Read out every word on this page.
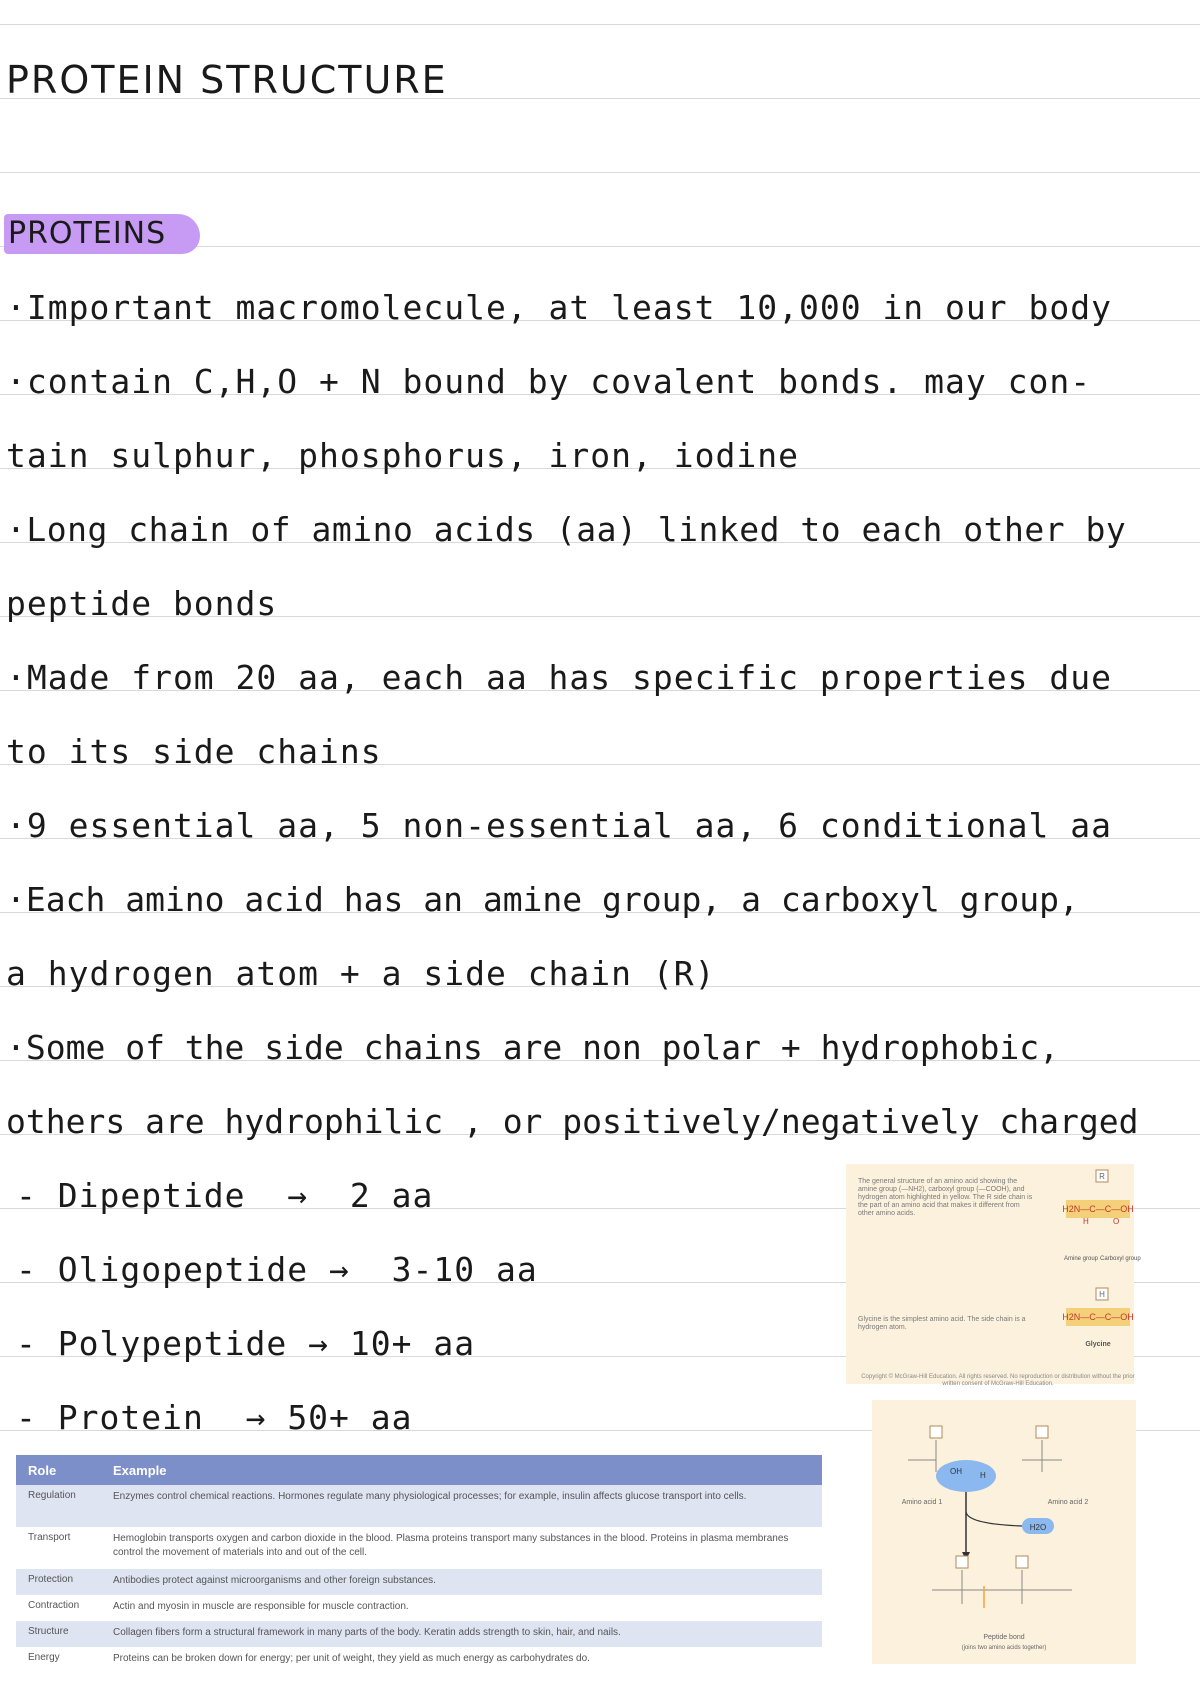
PROTEIN STRUCTURE
PROTEINS
·Important macromolecule, at least 10,000 in our body
·contain C,H,O + N bound by covalent bonds. may con-
tain sulphur, phosphorus, iron, iodine
·Long chain of amino acids (aa) linked to each other by
peptide bonds
·Made from 20 aa, each aa has specific properties due
to its side chains
·9 essential aa, 5 non-essential aa, 6 conditional aa
·Each amino acid has an amine group, a carboxyl group,
a hydrogen atom + a side chain (R)
·Some of the side chains are non polar + hydrophobic,
others are hydrophilic , or positively/negatively charged
- Dipeptide → 2 aa
- Oligopeptide → 3-10 aa
- Polypeptide → 10+ aa
- Protein → 50+ aa
Role	Example
Regulation	Enzymes control chemical reactions. Hormones regulate many physiological processes; for example, insulin affects glucose transport into cells.
Transport	Hemoglobin transports oxygen and carbon dioxide in the blood. Plasma proteins transport many substances in the blood. Proteins in plasma membranes control the movement of materials into and out of the cell.
Protection	Antibodies protect against microorganisms and other foreign substances.
Contraction	Actin and myosin in muscle are responsible for muscle contraction.
Structure	Collagen fibers form a structural framework in many parts of the body. Keratin adds strength to skin, hair, and nails.
Energy	Proteins can be broken down for energy; per unit of weight, they yield as much energy as carbohydrates do.
The general structure of an amino acid showing the amine group (—NH2), carboxyl group (—COOH), and hydrogen atom highlighted in yellow. The R side chain is the part of an amino acid that makes it different from other amino acids.
Glycine is the simplest amino acid. The side chain is a hydrogen atom.
R
H2N—C—C—OH
H	O
Amine group Carboxyl group
H
H2N—C—C—OH
Glycine
Copyright © McGraw-Hill Education. All rights reserved. No reproduction or distribution without the prior written consent of McGraw-Hill Education.
OH H
Amino acid 1	Amino acid 2
H2O
Peptide bond
(joins two amino acids together)
